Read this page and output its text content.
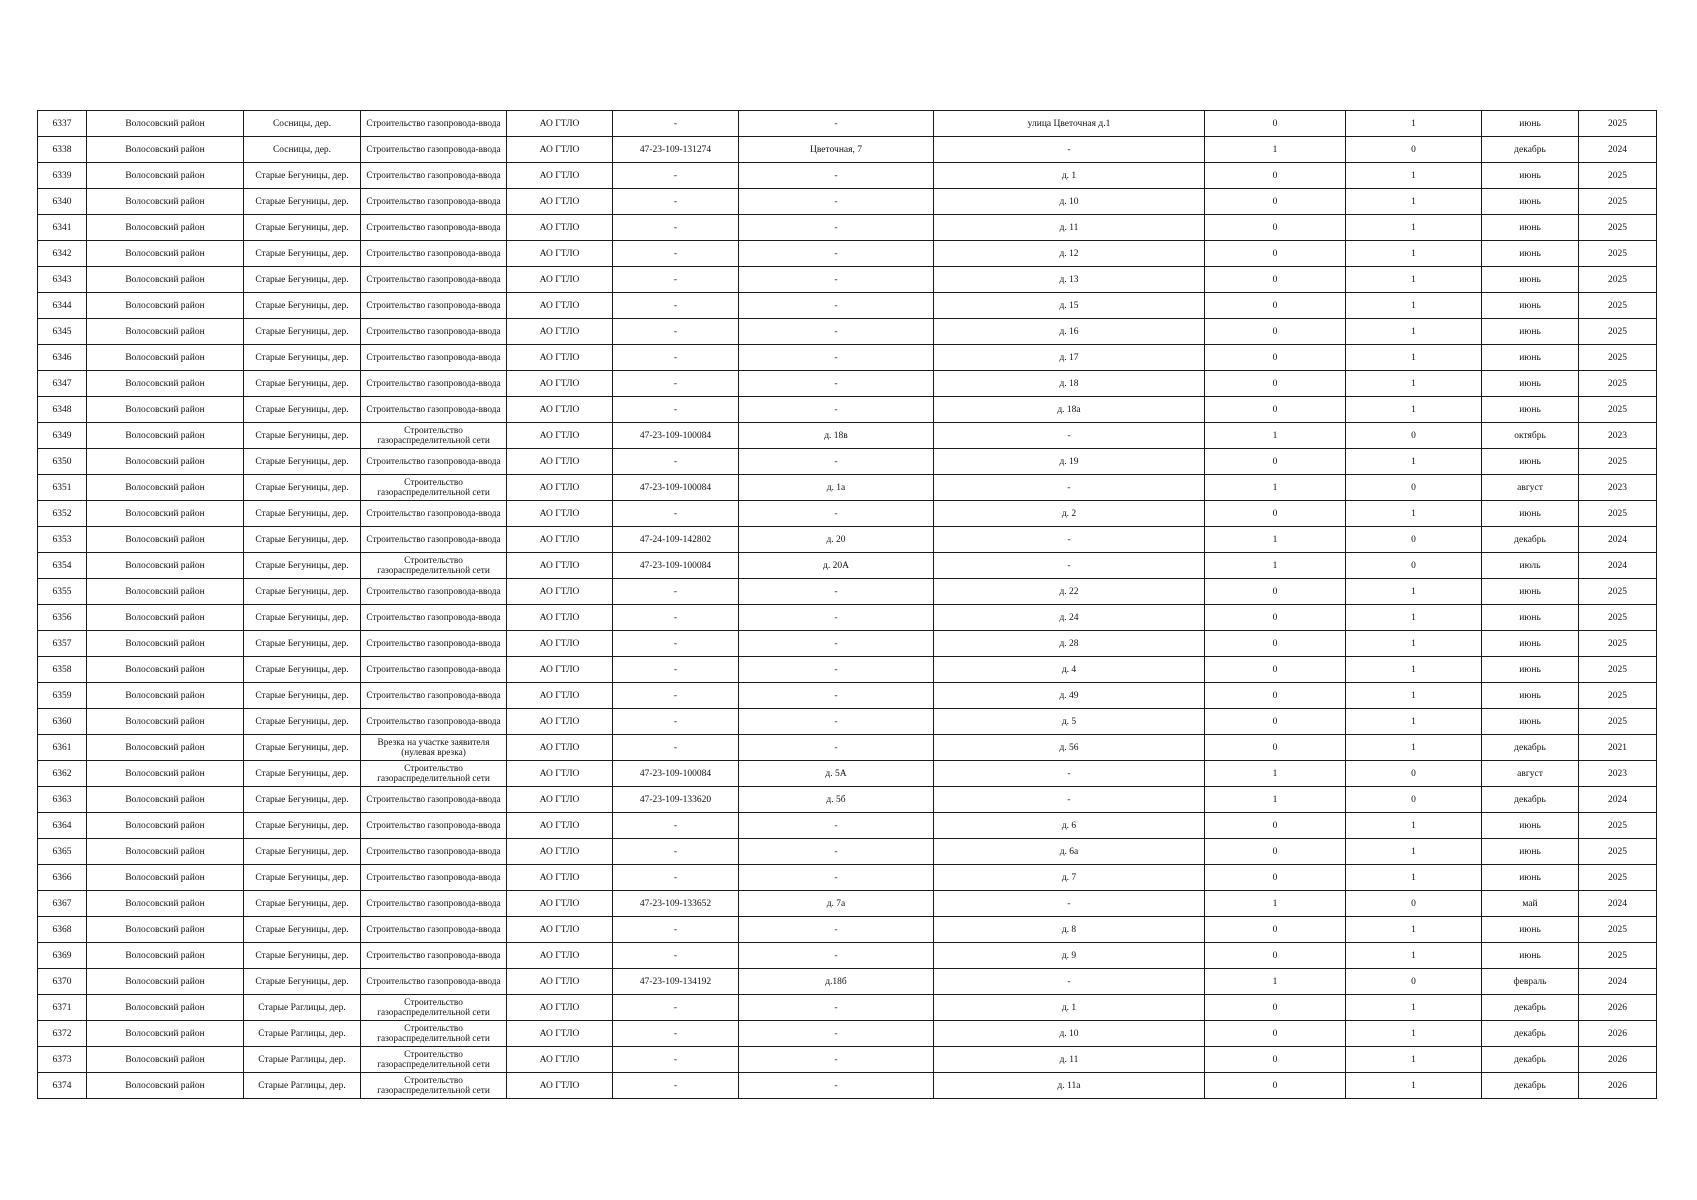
6337	Волосовский район	Сосницы, дер.	Строительство газопровода-ввода	АО ГТЛО	-	-	улица Цветочная д.1	0	1	июнь	2025
6338	Волосовский район	Сосницы, дер.	Строительство газопровода-ввода	АО ГТЛО	47-23-109-131274	Цветочная, 7	-	1	0	декабрь	2024
6339	Волосовский район	Старые Бегуницы, дер.	Строительство газопровода-ввода	АО ГТЛО	-	-	д. 1	0	1	июнь	2025
6340	Волосовский район	Старые Бегуницы, дер.	Строительство газопровода-ввода	АО ГТЛО	-	-	д. 10	0	1	июнь	2025
6341	Волосовский район	Старые Бегуницы, дер.	Строительство газопровода-ввода	АО ГТЛО	-	-	д. 11	0	1	июнь	2025
6342	Волосовский район	Старые Бегуницы, дер.	Строительство газопровода-ввода	АО ГТЛО	-	-	д. 12	0	1	июнь	2025
6343	Волосовский район	Старые Бегуницы, дер.	Строительство газопровода-ввода	АО ГТЛО	-	-	д. 13	0	1	июнь	2025
6344	Волосовский район	Старые Бегуницы, дер.	Строительство газопровода-ввода	АО ГТЛО	-	-	д. 15	0	1	июнь	2025
6345	Волосовский район	Старые Бегуницы, дер.	Строительство газопровода-ввода	АО ГТЛО	-	-	д. 16	0	1	июнь	2025
6346	Волосовский район	Старые Бегуницы, дер.	Строительство газопровода-ввода	АО ГТЛО	-	-	д. 17	0	1	июнь	2025
6347	Волосовский район	Старые Бегуницы, дер.	Строительство газопровода-ввода	АО ГТЛО	-	-	д. 18	0	1	июнь	2025
6348	Волосовский район	Старые Бегуницы, дер.	Строительство газопровода-ввода	АО ГТЛО	-	-	д. 18а	0	1	июнь	2025
6349	Волосовский район	Старые Бегуницы, дер.	Строительство газораспределительной сети	АО ГТЛО	47-23-109-100084	д. 18в	-	1	0	октябрь	2023
6350	Волосовский район	Старые Бегуницы, дер.	Строительство газопровода-ввода	АО ГТЛО	-	-	д. 19	0	1	июнь	2025
6351	Волосовский район	Старые Бегуницы, дер.	Строительство газораспределительной сети	АО ГТЛО	47-23-109-100084	д. 1а	-	1	0	август	2023
6352	Волосовский район	Старые Бегуницы, дер.	Строительство газопровода-ввода	АО ГТЛО	-	-	д. 2	0	1	июнь	2025
6353	Волосовский район	Старые Бегуницы, дер.	Строительство газопровода-ввода	АО ГТЛО	47-24-109-142802	д. 20	-	1	0	декабрь	2024
6354	Волосовский район	Старые Бегуницы, дер.	Строительство газораспределительной сети	АО ГТЛО	47-23-109-100084	д. 20А	-	1	0	июль	2024
6355	Волосовский район	Старые Бегуницы, дер.	Строительство газопровода-ввода	АО ГТЛО	-	-	д. 22	0	1	июнь	2025
6356	Волосовский район	Старые Бегуницы, дер.	Строительство газопровода-ввода	АО ГТЛО	-	-	д. 24	0	1	июнь	2025
6357	Волосовский район	Старые Бегуницы, дер.	Строительство газопровода-ввода	АО ГТЛО	-	-	д. 28	0	1	июнь	2025
6358	Волосовский район	Старые Бегуницы, дер.	Строительство газопровода-ввода	АО ГТЛО	-	-	д. 4	0	1	июнь	2025
6359	Волосовский район	Старые Бегуницы, дер.	Строительство газопровода-ввода	АО ГТЛО	-	-	д. 49	0	1	июнь	2025
6360	Волосовский район	Старые Бегуницы, дер.	Строительство газопровода-ввода	АО ГТЛО	-	-	д. 5	0	1	июнь	2025
6361	Волосовский район	Старые Бегуницы, дер.	Врезка на участке заявителя (нулевая врезка)	АО ГТЛО	-	-	д. 56	0	1	декабрь	2021
6362	Волосовский район	Старые Бегуницы, дер.	Строительство газораспределительной сети	АО ГТЛО	47-23-109-100084	д. 5А	-	1	0	август	2023
6363	Волосовский район	Старые Бегуницы, дер.	Строительство газопровода-ввода	АО ГТЛО	47-23-109-133620	д. 5б	-	1	0	декабрь	2024
6364	Волосовский район	Старые Бегуницы, дер.	Строительство газопровода-ввода	АО ГТЛО	-	-	д. 6	0	1	июнь	2025
6365	Волосовский район	Старые Бегуницы, дер.	Строительство газопровода-ввода	АО ГТЛО	-	-	д. 6а	0	1	июнь	2025
6366	Волосовский район	Старые Бегуницы, дер.	Строительство газопровода-ввода	АО ГТЛО	-	-	д. 7	0	1	июнь	2025
6367	Волосовский район	Старые Бегуницы, дер.	Строительство газопровода-ввода	АО ГТЛО	47-23-109-133652	д. 7а	-	1	0	май	2024
6368	Волосовский район	Старые Бегуницы, дер.	Строительство газопровода-ввода	АО ГТЛО	-	-	д. 8	0	1	июнь	2025
6369	Волосовский район	Старые Бегуницы, дер.	Строительство газопровода-ввода	АО ГТЛО	-	-	д. 9	0	1	июнь	2025
6370	Волосовский район	Старые Бегуницы, дер.	Строительство газопровода-ввода	АО ГТЛО	47-23-109-134192	д.18б	-	1	0	февраль	2024
6371	Волосовский район	Старые Раглицы, дер.	Строительство газораспределительной сети	АО ГТЛО	-	-	д. 1	0	1	декабрь	2026
6372	Волосовский район	Старые Раглицы, дер.	Строительство газораспределительной сети	АО ГТЛО	-	-	д. 10	0	1	декабрь	2026
6373	Волосовский район	Старые Раглицы, дер.	Строительство газораспределительной сети	АО ГТЛО	-	-	д. 11	0	1	декабрь	2026
6374	Волосовский район	Старые Раглицы, дер.	Строительство газораспределительной сети	АО ГТЛО	-	-	д. 11а	0	1	декабрь	2026
